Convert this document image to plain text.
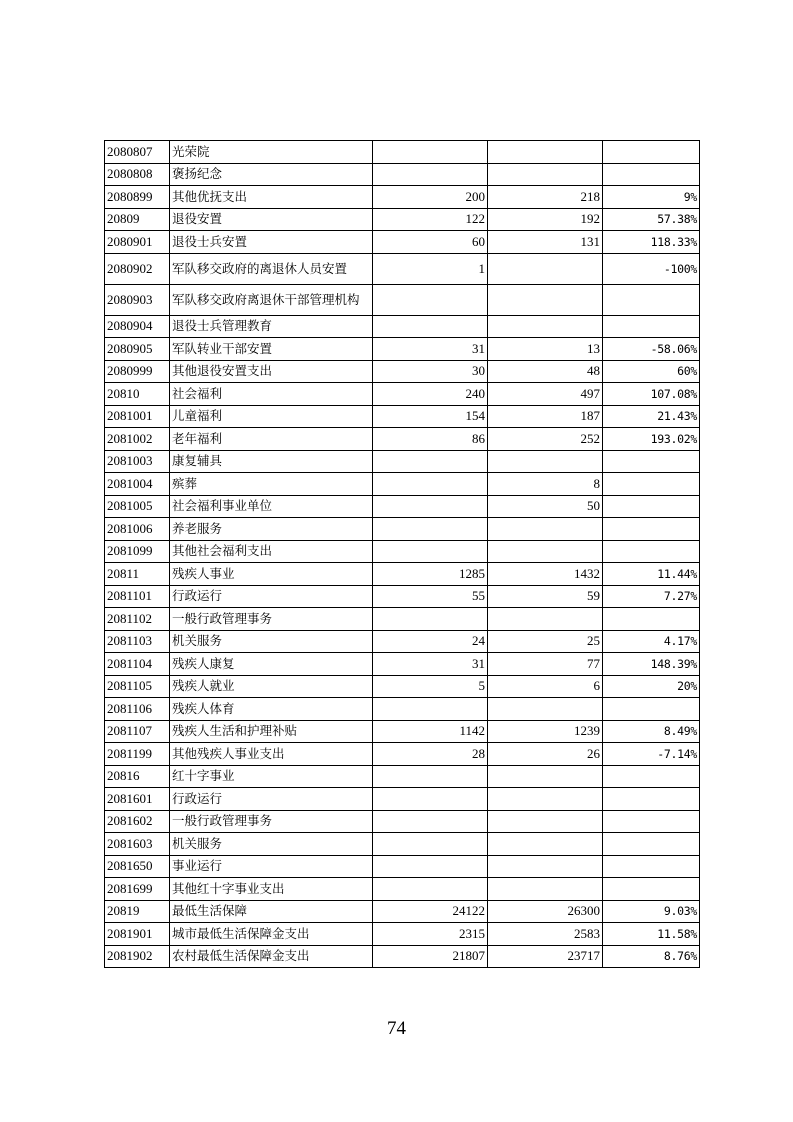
2080807	光荣院			
2080808	褒扬纪念			
2080899	其他优抚支出	200	218	9%
20809	退役安置	122	192	57.38%
2080901	退役士兵安置	60	131	118.33%
2080902	军队移交政府的离退休人员安置	1		-100%
2080903	军队移交政府离退休干部管理机构			
2080904	退役士兵管理教育			
2080905	军队转业干部安置	31	13	-58.06%
2080999	其他退役安置支出	30	48	60%
20810	社会福利	240	497	107.08%
2081001	儿童福利	154	187	21.43%
2081002	老年福利	86	252	193.02%
2081003	康复辅具			
2081004	殡葬		8	
2081005	社会福利事业单位		50	
2081006	养老服务			
2081099	其他社会福利支出			
20811	残疾人事业	1285	1432	11.44%
2081101	行政运行	55	59	7.27%
2081102	一般行政管理事务			
2081103	机关服务	24	25	4.17%
2081104	残疾人康复	31	77	148.39%
2081105	残疾人就业	5	6	20%
2081106	残疾人体育			
2081107	残疾人生活和护理补贴	1142	1239	8.49%
2081199	其他残疾人事业支出	28	26	-7.14%
20816	红十字事业			
2081601	行政运行			
2081602	一般行政管理事务			
2081603	机关服务			
2081650	事业运行			
2081699	其他红十字事业支出			
20819	最低生活保障	24122	26300	9.03%
2081901	城市最低生活保障金支出	2315	2583	11.58%
2081902	农村最低生活保障金支出	21807	23717	8.76%
74
